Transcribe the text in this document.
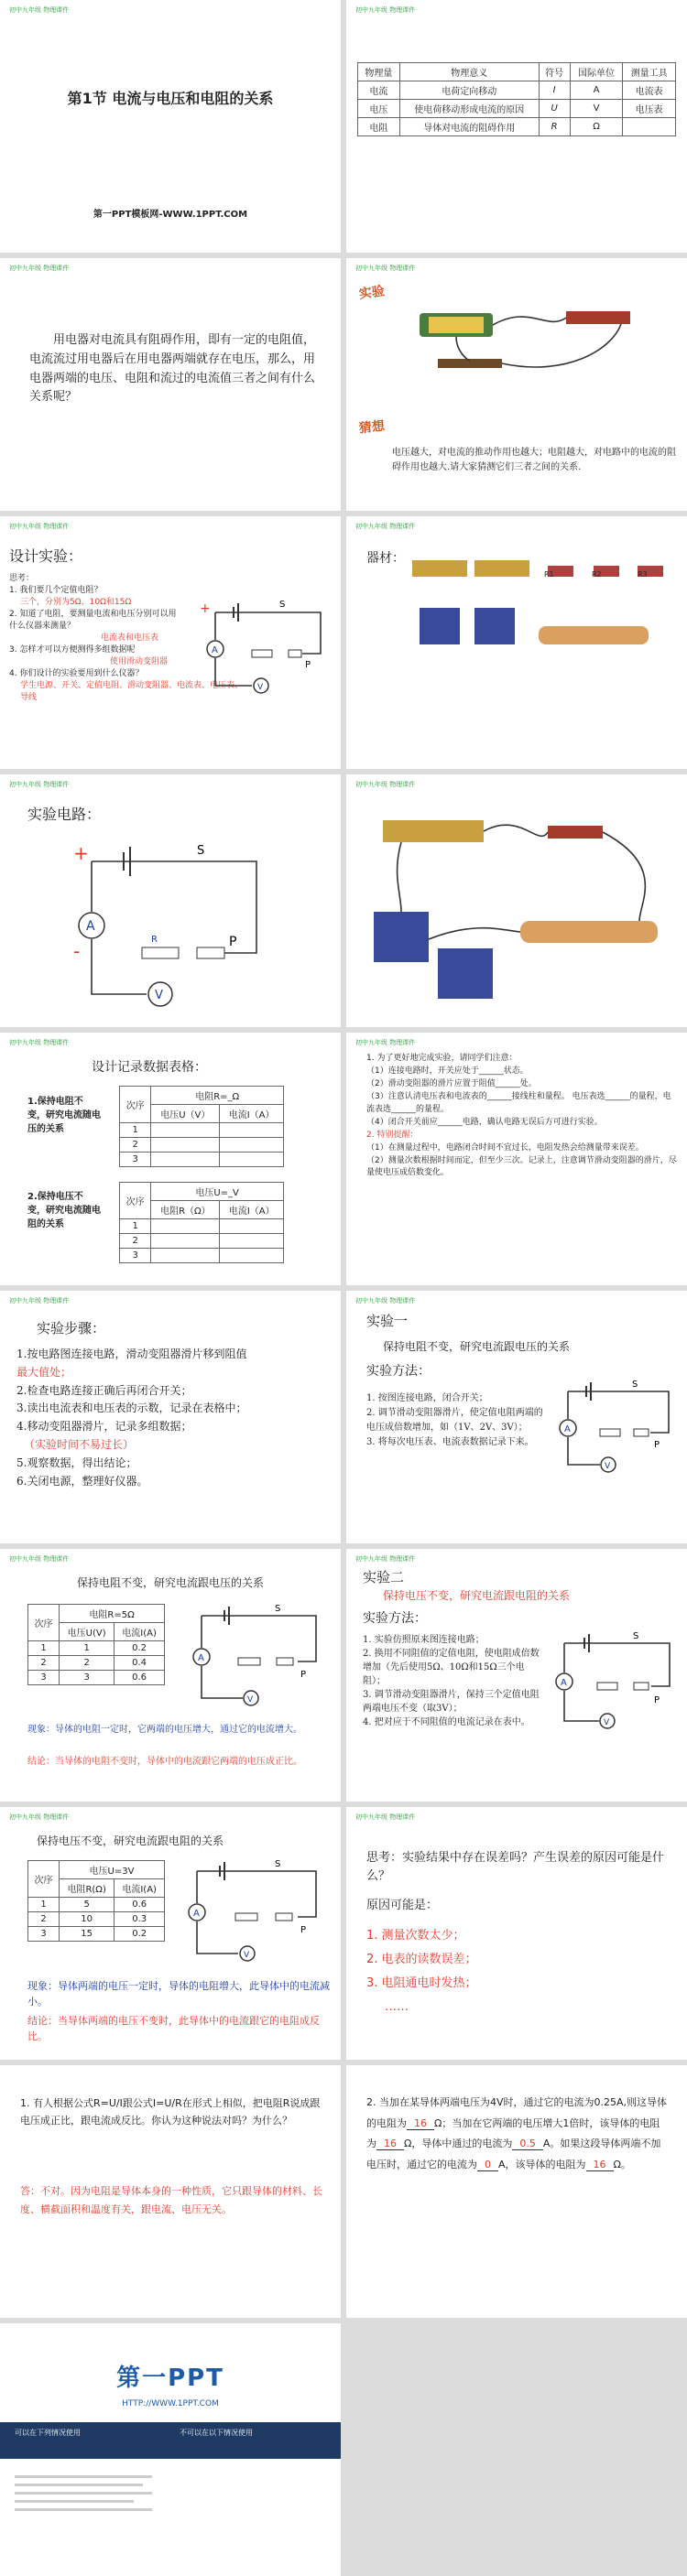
初中九年级 物理课件
第1节 电流与电压和电阻的关系
第一PPT模板网-WWW.1PPT.COM
初中九年级 物理课件
物理量	物理意义	符号	国际单位	测量工具
电流	电荷定向移动	I	A	电流表
电压	使电荷移动形成电流的原因	U	V	电压表
电阻	导体对电流的阻碍作用	R	Ω	
初中九年级 物理课件
用电器对电流具有阻碍作用，即有一定的电阻值，电流流过用电器后在用电器两端就存在电压，那么，用电器两端的电压、电阻和流过的电流值三者之间有什么关系呢？
初中九年级 物理课件
实验
猜想
电压越大，对电流的推动作用也越大；电阻越大，对电路中的电流的阻碍作用也越大.请大家猜测它们三者之间的关系.
初中九年级 物理课件
设计实验：
思考：
1. 我们要几个定值电阻？
三个，分别为5Ω、10Ω和15Ω
2. 知道了电阻，要测量电流和电压分别可以用什么仪器来测量？
电流表和电压表
3. 怎样才可以方便测得多组数据呢
使用滑动变阻器
4. 你们设计的实验要用到什么仪器？
学生电源、开关、定值电阻、滑动变阻器、电流表、电压表、导线
A
P
V
S
+
初中九年级 物理课件
器材：
R1	R2	R3
初中九年级 物理课件
实验电路：
A
R	P
V
S
+
-
初中九年级 物理课件
初中九年级 物理课件
设计记录数据表格：
1.保持电阻不变，研究电流随电压的关系
2.保持电压不变，研究电流随电阻的关系
次序	电阻R=_Ω	
	电压U（V）	电流I（A）
1		
2		
3		
次序	电压U=_V	
	电阻R（Ω）	电流I（A）
1		
2		
3		
初中九年级 物理课件
1. 为了更好地完成实验，请同学们注意：
（1）连接电路时，开关应处于______状态。
（2）滑动变阻器的滑片应置于阻值______处。
（3）注意认清电压表和电流表的______接线柱和量程。 电压表选______的量程，电流表选______的量程。
（4）闭合开关前应______电路，确认电路无误后方可进行实验。
2. 特别提醒：
（1）在测量过程中，电路闭合时间不宜过长，电阻发热会给测量带来误差。
（2）测量次数根据时间而定，但至少三次。记录上，注意调节滑动变阻器的滑片，尽量使电压成倍数变化。
初中九年级 物理课件
实验步骤：
1.按电路图连接电路，滑动变阻器滑片移到阻值
最大值处；
2.检查电路连接正确后再闭合开关；
3.读出电流表和电压表的示数，记录在表格中；
4.移动变阻器滑片，记录多组数据；
（实验时间不易过长）
5.观察数据，得出结论；
6.关闭电源，整理好仪器。
初中九年级 物理课件
实验一
保持电阻不变，研究电流跟电压的关系
实验方法：
1. 按图连接电路，闭合开关；
2. 调节滑动变阻器滑片，使定值电阻两端的电压成倍数增加，如（1V、2V、3V）；
3. 将每次电压表、电流表数据记录下来。
A
P
V
S
初中九年级 物理课件
保持电阻不变，研究电流跟电压的关系
次序	电阻R=5Ω	
	电压U(V)	电流I(A)
1	1	0.2
2	2	0.4
3	3	0.6
A
P
V
S
现象：导体的电阻一定时，它两端的电压增大，通过它的电流增大。
结论：当导体的电阻不变时，导体中的电流跟它两端的电压成正比。
初中九年级 物理课件
实验二
保持电压不变，研究电流跟电阻的关系
实验方法：
1. 实验仿照原来图连接电路；
2. 换用不同阻值的定值电阻，使电阻成倍数增加（先后使用5Ω、10Ω和15Ω三个电阻）；
3. 调节滑动变阻器滑片，保持三个定值电阻两端电压不变（取3V）；
4. 把对应于不同阻值的电流记录在表中。
A
P
V
S
初中九年级 物理课件
保持电压不变，研究电流跟电阻的关系
次序	电压U=3V	
	电阻R(Ω)	电流I(A)
1	5	0.6
2	10	0.3
3	15	0.2
A
P
V
S
现象：导体两端的电压一定时，导体的电阻增大，此导体中的电流减小。
结论：当导体两端的电压不变时，此导体中的电流跟它的电阻成反比。
初中九年级 物理课件
思考：实验结果中存在误差吗？产生误差的原因可能是什么？
原因可能是：
1. 测量次数太少；
2. 电表的读数误差；
3. 电阻通电时发热；
……
1. 有人根据公式R=U/I跟公式I=U/R在形式上相似，把电阻R说成跟电压成正比，跟电流成反比。你认为这种说法对吗？为什么？
答：不对。因为电阻是导体本身的一种性质，它只跟导体的材料、长度、横截面积和温度有关，跟电流、电压无关。
2. 当加在某导体两端电压为4V时，通过它的电流为0.25A,则这导体的电阻为 16 Ω；当加在它两端的电压增大1倍时，该导体的电阻为 16 Ω，导体中通过的电流为 0.5 A。如果这段导体两端不加电压时，通过它的电流为 0 A，该导体的电阻为 16 Ω。
第一PPT
HTTP://WWW.1PPT.COM
可以在下列情况使用	不可以在以下情况使用
